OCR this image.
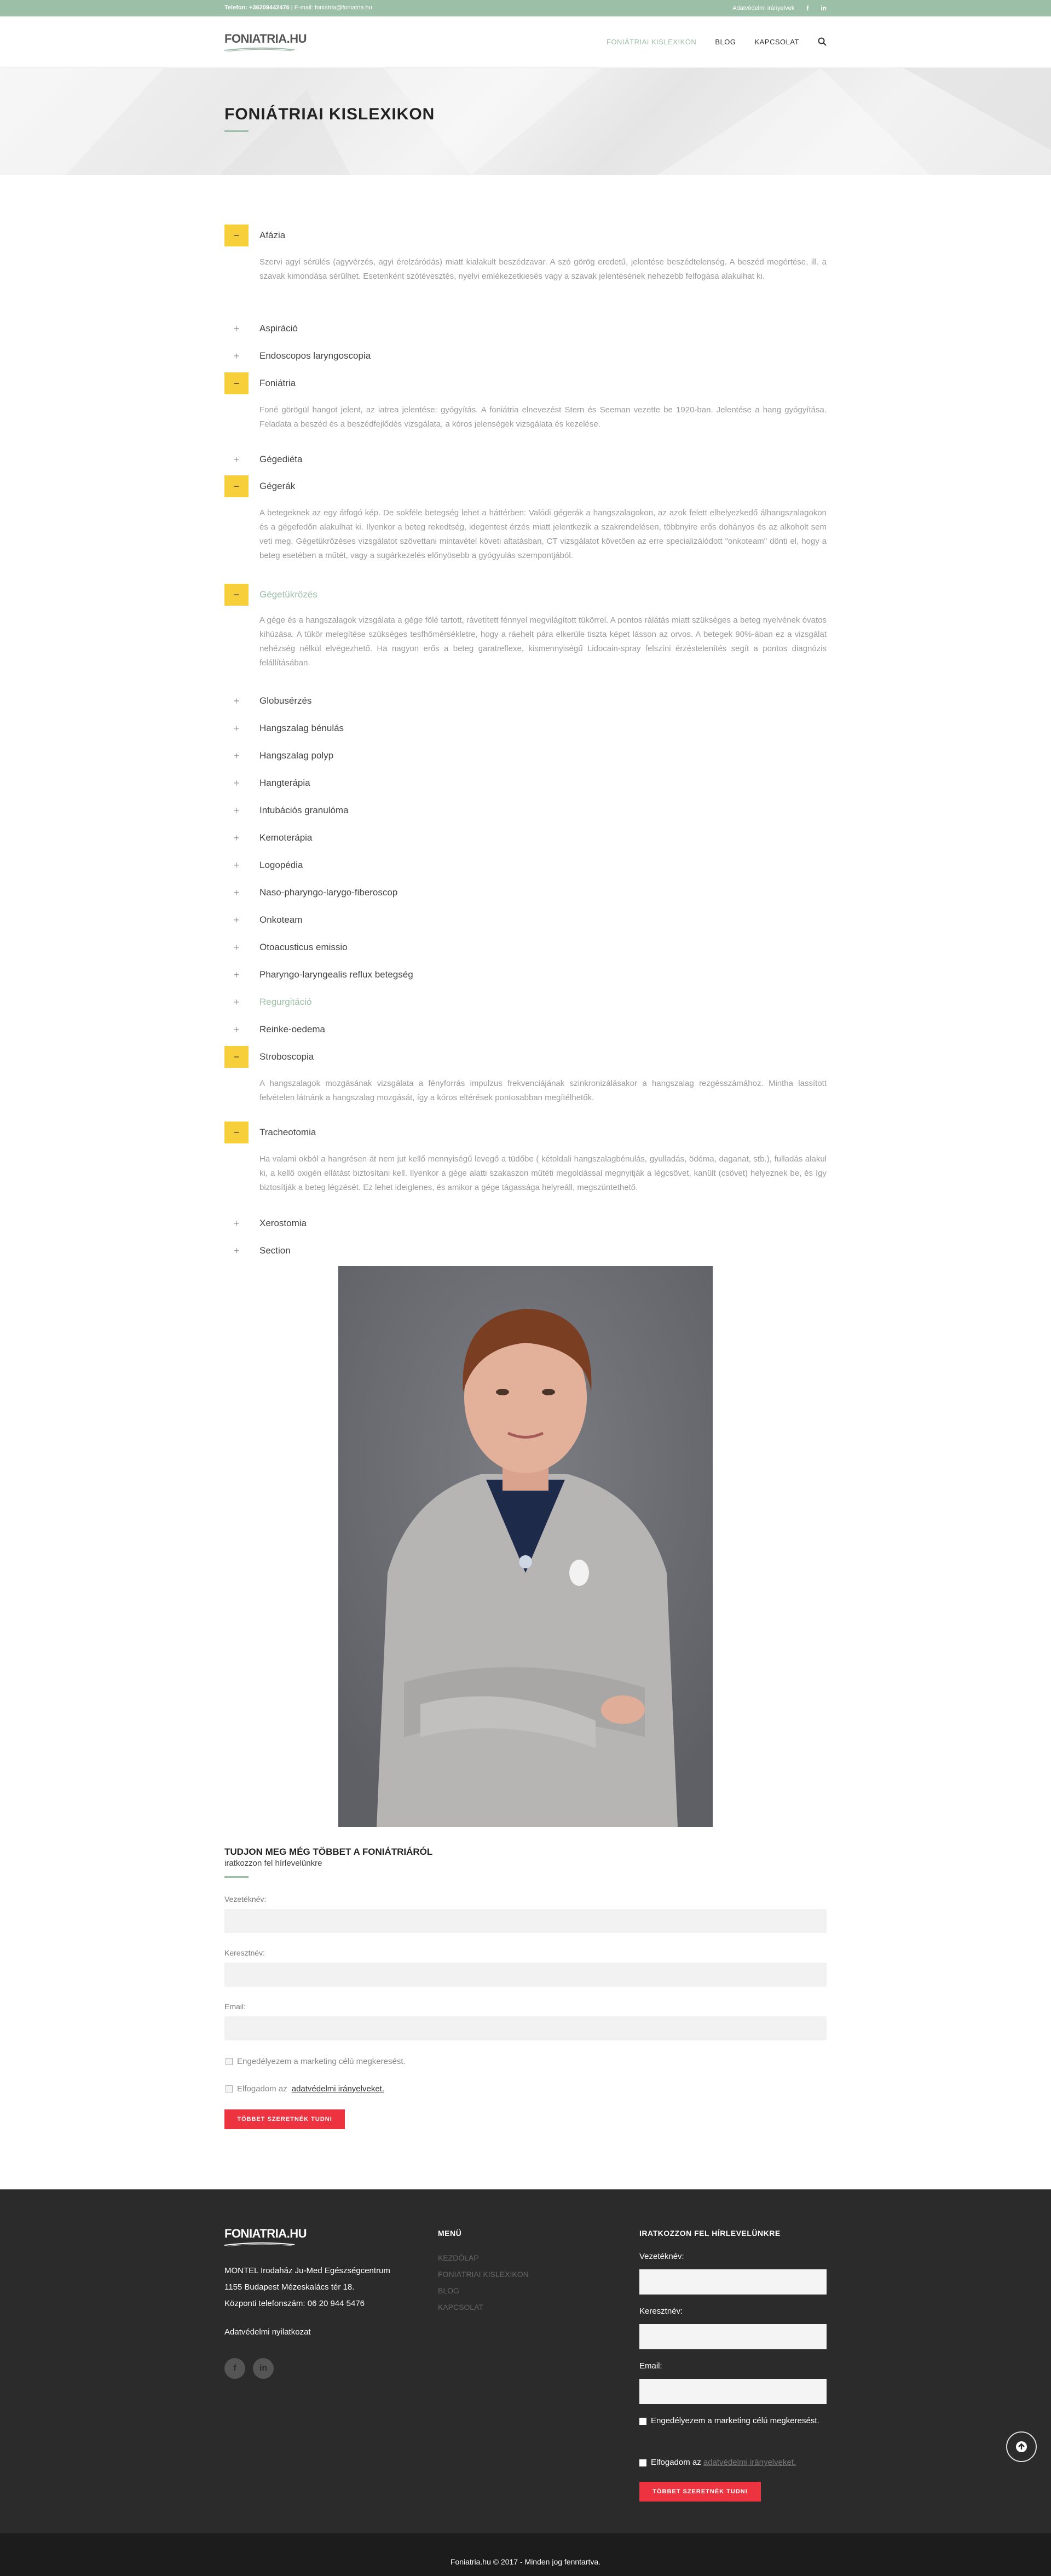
Telefon: +36209442476 | E-mail: foniatria@foniatria.hu	Adatvédelmi irányelvek f in
FONIATRIA.HU	FONIÁTRIAI KISLEXIKON	BLOG	KAPCSOLAT
FONIÁTRIAI KISLEXIKON
−	Afázia
Szervi agyi sérülés (agyvérzés, agyi érelzáródás) miatt kialakult beszédzavar. A szó görög eredetű, jelentése beszédtelenség. A beszéd megértése, ill. a szavak kimondása sérülhet. Esetenként szótévesztés, nyelvi emlékezetkiesés vagy a szavak jelentésének nehezebb felfogása alakulhat ki.
+	Aspiráció
+	Endoscopos laryngoscopia
−	Foniátria
Foné görögül hangot jelent, az iatrea jelentése: gyógyítás. A foniátria elnevezést Stern és Seeman vezette be 1920-ban. Jelentése a hang gyógyítása. Feladata a beszéd és a beszédfejlődés vizsgálata, a kóros jelenségek vizsgálata és kezelése.
+	Gégediéta
−	Gégerák
A betegeknek az egy átfogó kép. De sokféle betegség lehet a háttérben: Valódi gégerák a hangszalagokon, az azok felett elhelyezkedő álhangszalagokon és a gégefedőn alakulhat ki. Ilyenkor a beteg rekedtség, idegentest érzés miatt jelentkezik a szakrendelésen, többnyire erős dohányos és az alkoholt sem veti meg. Gégetükrözéses vizsgálatot szövettani mintavétel követi altatásban, CT vizsgálatot követően az erre specializálódott "onkoteam" dönti el, hogy a beteg esetében a műtét, vagy a sugárkezelés előnyösebb a gyógyulás szempontjából.
−	Gégetükrözés
A gége és a hangszalagok vizsgálata a gége fölé tartott, rávetített fénnyel megvilágított tükörrel. A pontos rálátás miatt szükséges a beteg nyelvének óvatos kihúzása. A tükör melegítése szükséges tesfhőmérsékletre, hogy a ráehelt pára elkerüle tiszta képet lásson az orvos. A betegek 90%-ában ez a vizsgálat nehézség nélkül elvégezhető. Ha nagyon erős a beteg garatreflexe, kismennyiségű Lidocain-spray felszíni érzéstelenítés segít a pontos diagnózis felállításában.
+	Globusérzés
+	Hangszalag bénulás
+	Hangszalag polyp
+	Hangterápia
+	Intubációs granulóma
+	Kemoterápia
+	Logopédia
+	Naso-pharyngo-larygo-fiberoscop
+	Onkoteam
+	Otoacusticus emissio
+	Pharyngo-laryngealis reflux betegség
+	Regurgitáció
+	Reinke-oedema
−	Stroboscopia
A hangszalagok mozgásának vizsgálata a fényforrás impulzus frekvenciájának szinkronizálásakor a hangszalag rezgésszámához. Mintha lassított felvételen látnánk a hangszalag mozgását, így a kóros eltérések pontosabban megítélhetők.
−	Tracheotomia
Ha valami okból a hangrésen át nem jut kellő mennyiségű levegő a tüdőbe ( kétoldali hangszalagbénulás, gyulladás, ödéma, daganat, stb.), fulladás alakul ki, a kellő oxigén ellátást biztosítani kell. Ilyenkor a gége alatti szakaszon műtéti megoldással megnyitják a légcsövet, kanült (csövet) helyeznek be, és így biztosítják a beteg légzését. Ez lehet ideiglenes, és amikor a gége tágassága helyreáll, megszüntethető.
+	Xerostomia
+	Section
TUDJON MEG MÉG TÖBBET A FONIÁTRIÁRÓL
iratkozzon fel hírlevelünkre
Vezetéknév:
Keresztnév:
Email:
Engedélyezem a marketing célú megkeresést.
Elfogadom az adatvédelmi irányelveket.
TÖBBET SZERETNÉK TUDNI
FONIATRIA.HU
MONTEL Irodaház Ju-Med Egészségcentrum
1155 Budapest Mézeskalács tér 18.
Központi telefonszám: 06 20 944 5476
Adatvédelmi nyilatkozat
f	in
MENÜ
KEZDŐLAP
FONIÁTRIAI KISLEXIKON
BLOG
KAPCSOLAT
IRATKOZZON FEL HÍRLEVELÜNKRE
Vezetéknév:
Keresztnév:
Email:
Engedélyezem a marketing célú megkeresést.
Elfogadom az adatvédelmi irányelveket.
TÖBBET SZERETNÉK TUDNI
Foniatria.hu © 2017 - Minden jog fenntartva.
